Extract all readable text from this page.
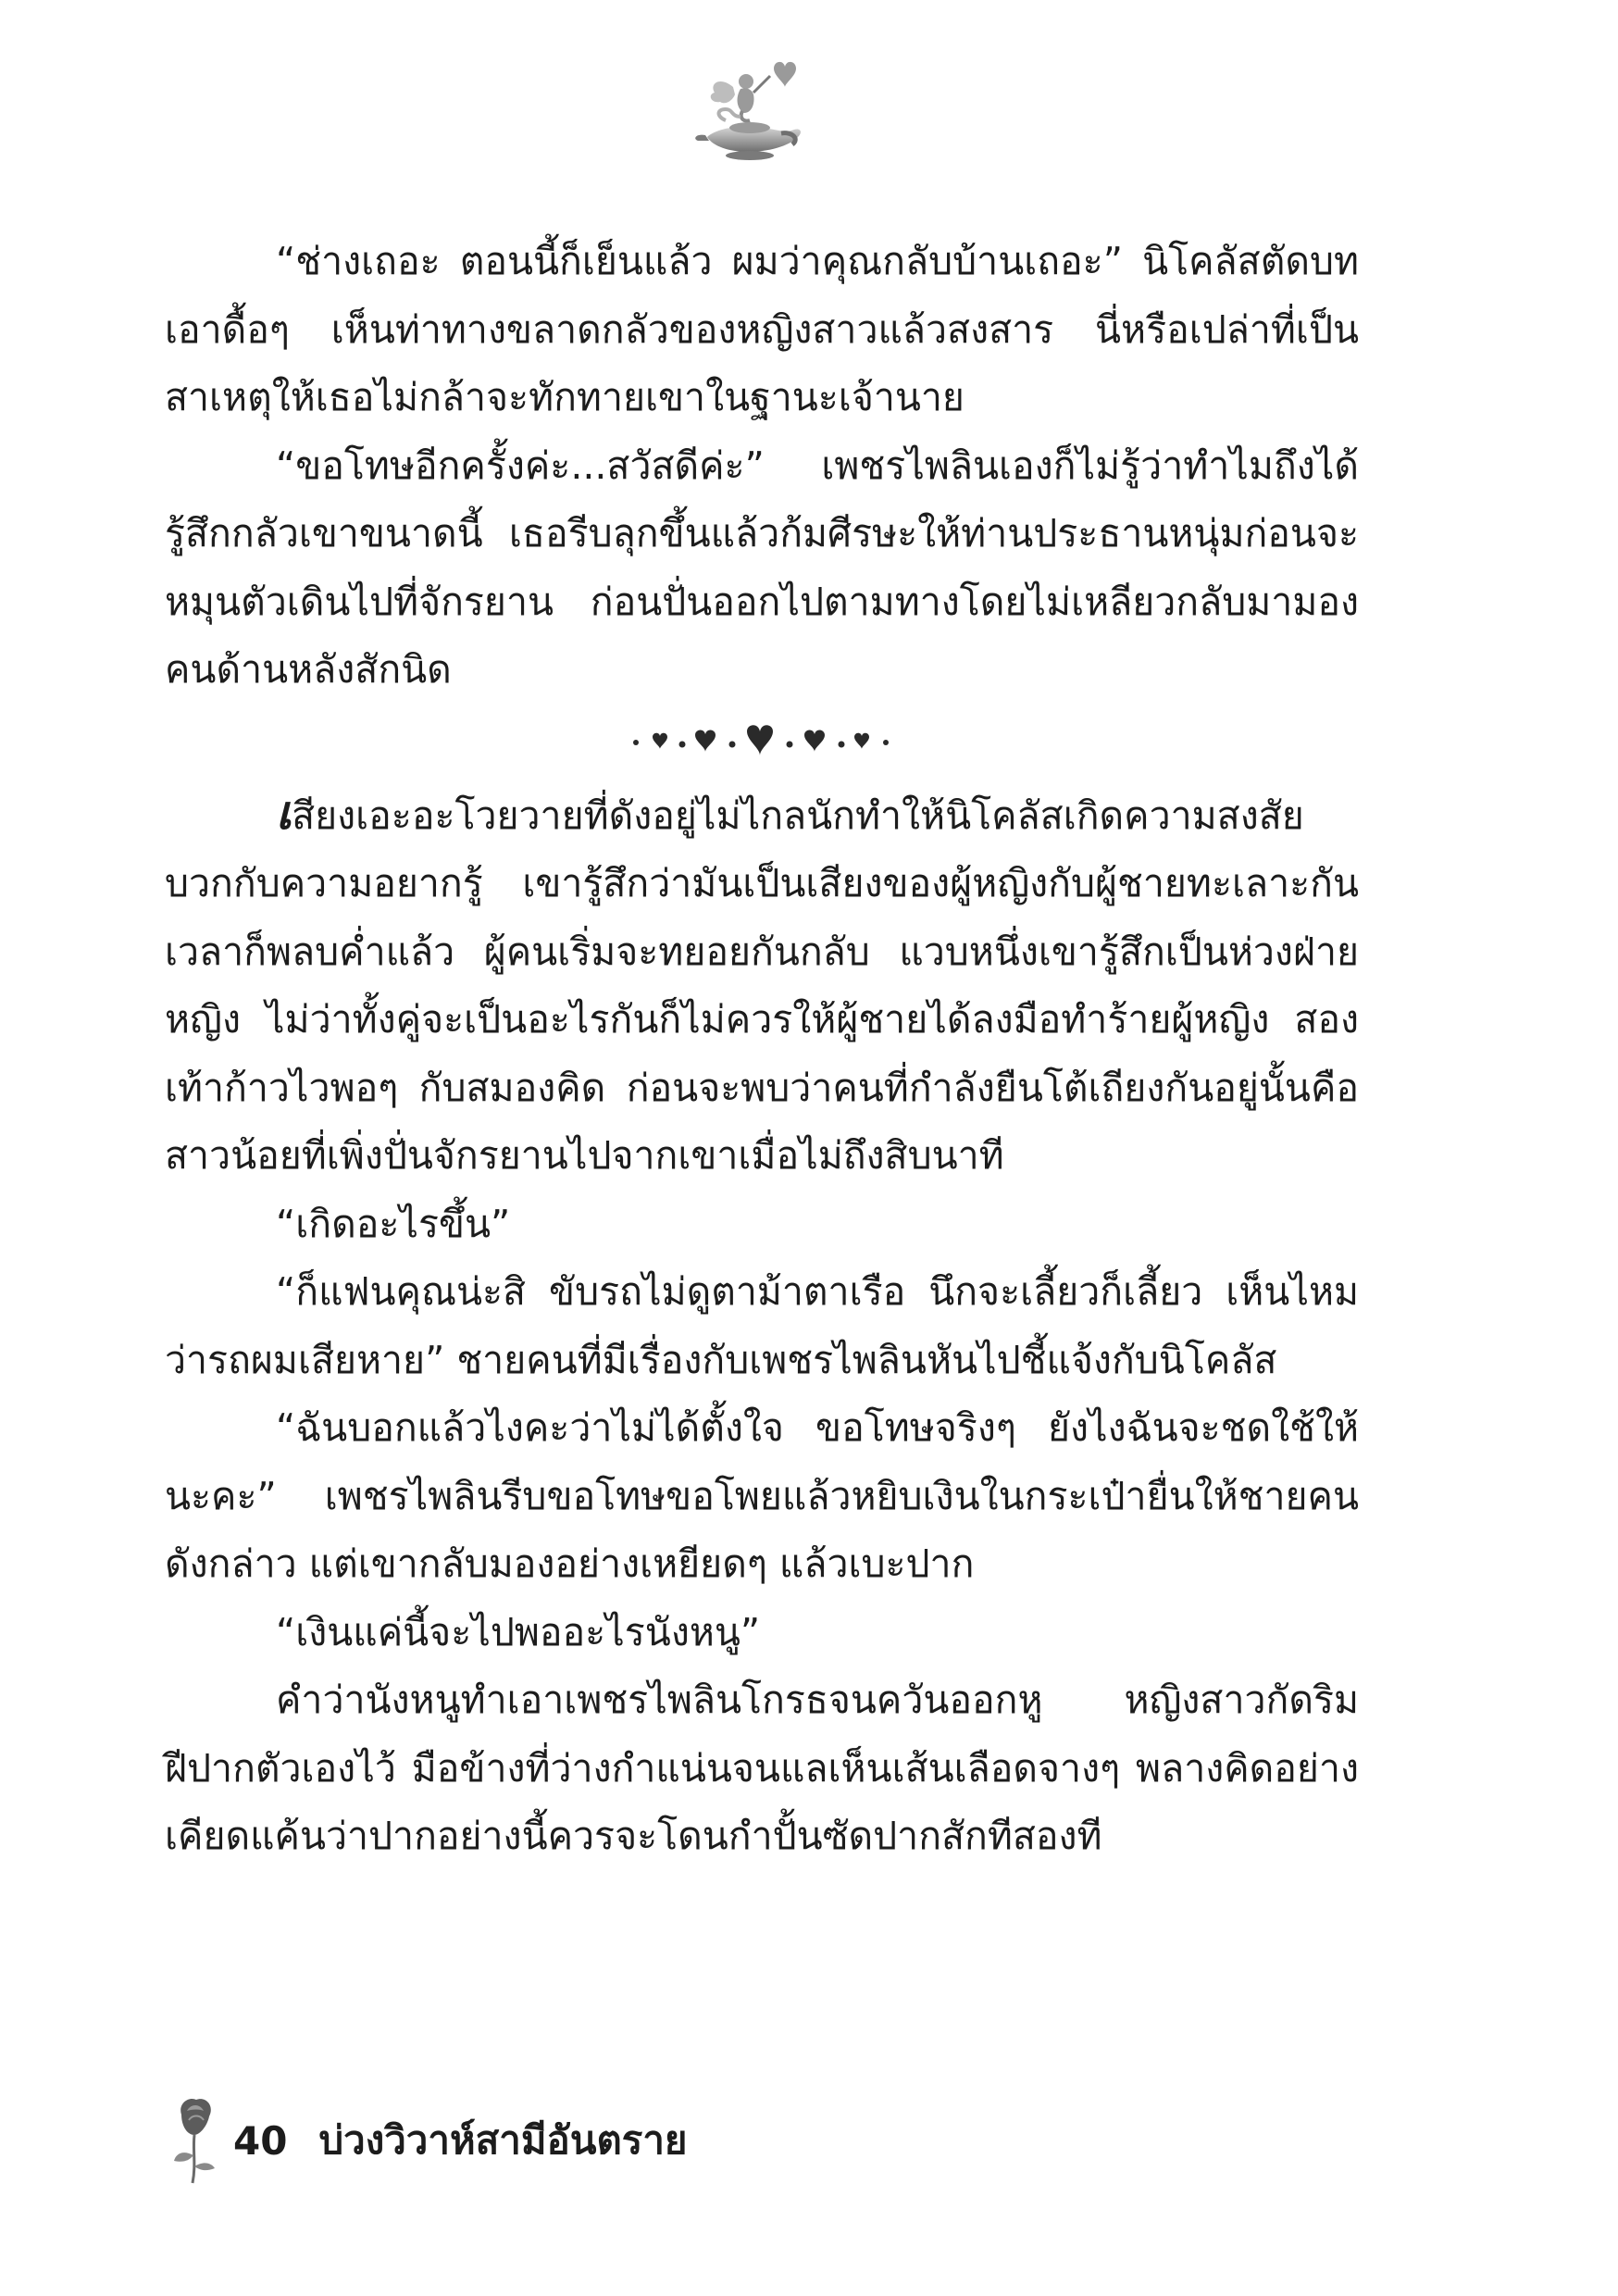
“ช่างเถอะ ตอนนี้ก็เย็นแล้ว ผมว่าคุณกลับบ้านเถอะ” นิโคลัสตัดบทเอาดื้อๆ เห็นท่าทางขลาดกลัวของหญิงสาวแล้วสงสาร นี่หรือเปล่าที่เป็นสาเหตุให้เธอไม่กล้าจะทักทายเขาในฐานะเจ้านาย

“ขอโทษอีกครั้งค่ะ...สวัสดีค่ะ” เพชรไพลินเองก็ไม่รู้ว่าทำไมถึงได้รู้สึกกลัวเขาขนาดนี้ เธอรีบลุกขึ้นแล้วก้มศีรษะให้ท่านประธานหนุ่มก่อนจะหมุนตัวเดินไปที่จักรยาน ก่อนปั่นออกไปตามทางโดยไม่เหลียวกลับมามองคนด้านหลังสักนิด

เสียงเอะอะโวยวายที่ดังอยู่ไม่ไกลนักทำให้นิโคลัสเกิดความสงสัย บวกกับความอยากรู้ เขารู้สึกว่ามันเป็นเสียงของผู้หญิงกับผู้ชายทะเลาะกัน เวลาก็พลบค่ำแล้ว ผู้คนเริ่มจะทยอยกันกลับ แวบหนึ่งเขารู้สึกเป็นห่วงฝ่ายหญิง ไม่ว่าทั้งคู่จะเป็นอะไรกันก็ไม่ควรให้ผู้ชายได้ลงมือทำร้ายผู้หญิง สองเท้าก้าวไวพอๆ กับสมองคิด ก่อนจะพบว่าคนที่กำลังยืนโต้เถียงกันอยู่นั้นคือสาวน้อยที่เพิ่งปั่นจักรยานไปจากเขาเมื่อไม่ถึงสิบนาที

“เกิดอะไรขึ้น”

“ก็แฟนคุณน่ะสิ ขับรถไม่ดูตาม้าตาเรือ นึกจะเลี้ยวก็เลี้ยว เห็นไหมว่ารถผมเสียหาย” ชายคนที่มีเรื่องกับเพชรไพลินหันไปชี้แจ้งกับนิโคลัส

“ฉันบอกแล้วไงคะว่าไม่ได้ตั้งใจ ขอโทษจริงๆ ยังไงฉันจะชดใช้ให้นะคะ” เพชรไพลินรีบขอโทษขอโพยแล้วหยิบเงินในกระเป๋ายื่นให้ชายคนดังกล่าว แต่เขากลับมองอย่างเหยียดๆ แล้วเบะปาก

“เงินแค่นี้จะไปพออะไรนังหนู”

คำว่านังหนูทำเอาเพชรไพลินโกรธจนควันออกหู หญิงสาวกัดริมฝีปากตัวเองไว้ มือข้างที่ว่างกำแน่นจนแลเห็นเส้นเลือดจางๆ พลางคิดอย่างเคียดแค้นว่าปากอย่างนี้ควรจะโดนกำปั้นซัดปากสักทีสองที

40 บ่วงวิวาห์สามีอันตราย
